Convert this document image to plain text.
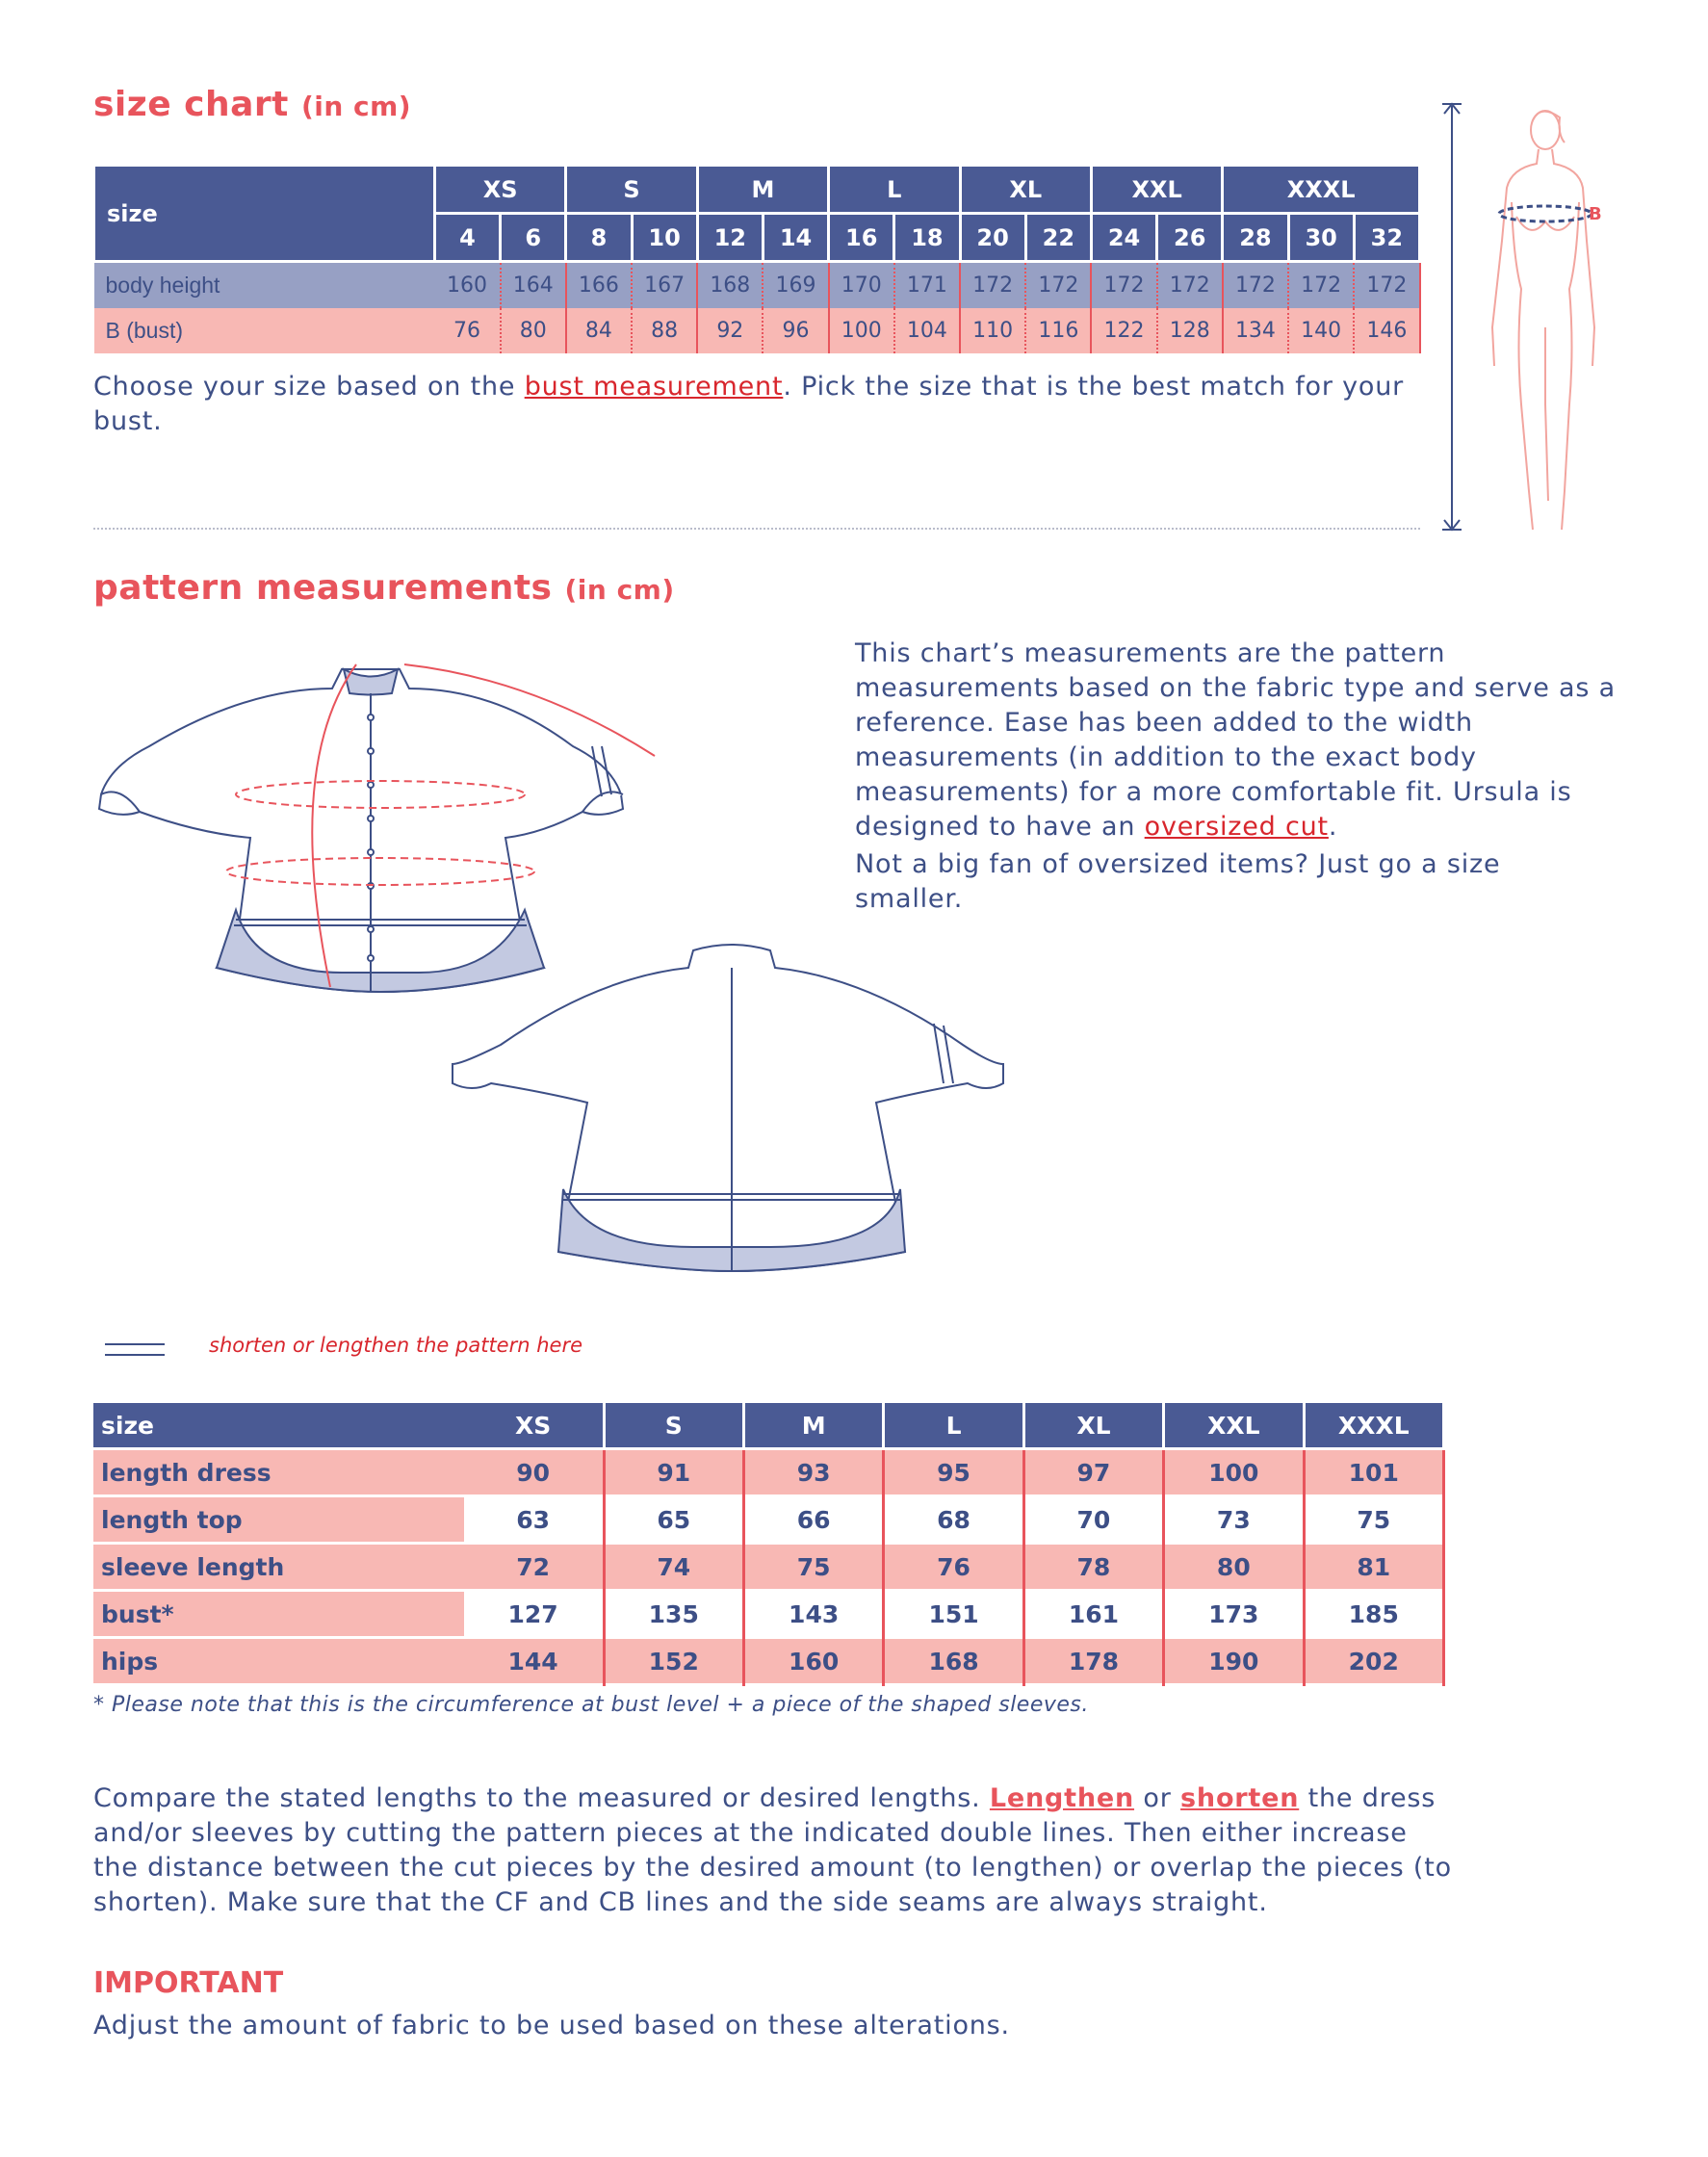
size chart (in cm)
size	XS		S		M		L		XL		XXL		XXXL		
	4	6	8	10	12	14	16	18	20	22	24	26	28	30	32
body height	160	164	166	167	168	169	170	171	172	172	172	172	172	172	172
B (bust)	76	80	84	88	92	96	100	104	110	116	122	128	134	140	146
Choose your size based on the bust measurement. Pick the size that is the best match for your bust.
B
pattern measurements (in cm)
This chart’s measurements are the pattern measurements based on the fabric type and serve as a reference. Ease has been added to the width measurements (in addition to the exact body measurements) for a more comfortable fit. Ursula is designed to have an oversized cut.
Not a big fan of oversized items? Just go a size smaller.
shorten or lengthen the pattern here
size	XS	S	M	L	XL	XXL	XXXL
length dress	90	91	93	95	97	100	101
length top	63	65	66	68	70	73	75
sleeve length	72	74	75	76	78	80	81
bust*	127	135	143	151	161	173	185
hips	144	152	160	168	178	190	202
* Please note that this is the circumference at bust level + a piece of the shaped sleeves.
Compare the stated lengths to the measured or desired lengths. Lengthen or shorten the dress and/or sleeves by cutting the pattern pieces at the indicated double lines. Then either increase the distance between the cut pieces by the desired amount (to lengthen) or overlap the pieces (to shorten). Make sure that the CF and CB lines and the side seams are always straight.
IMPORTANT
Adjust the amount of fabric to be used based on these alterations.
